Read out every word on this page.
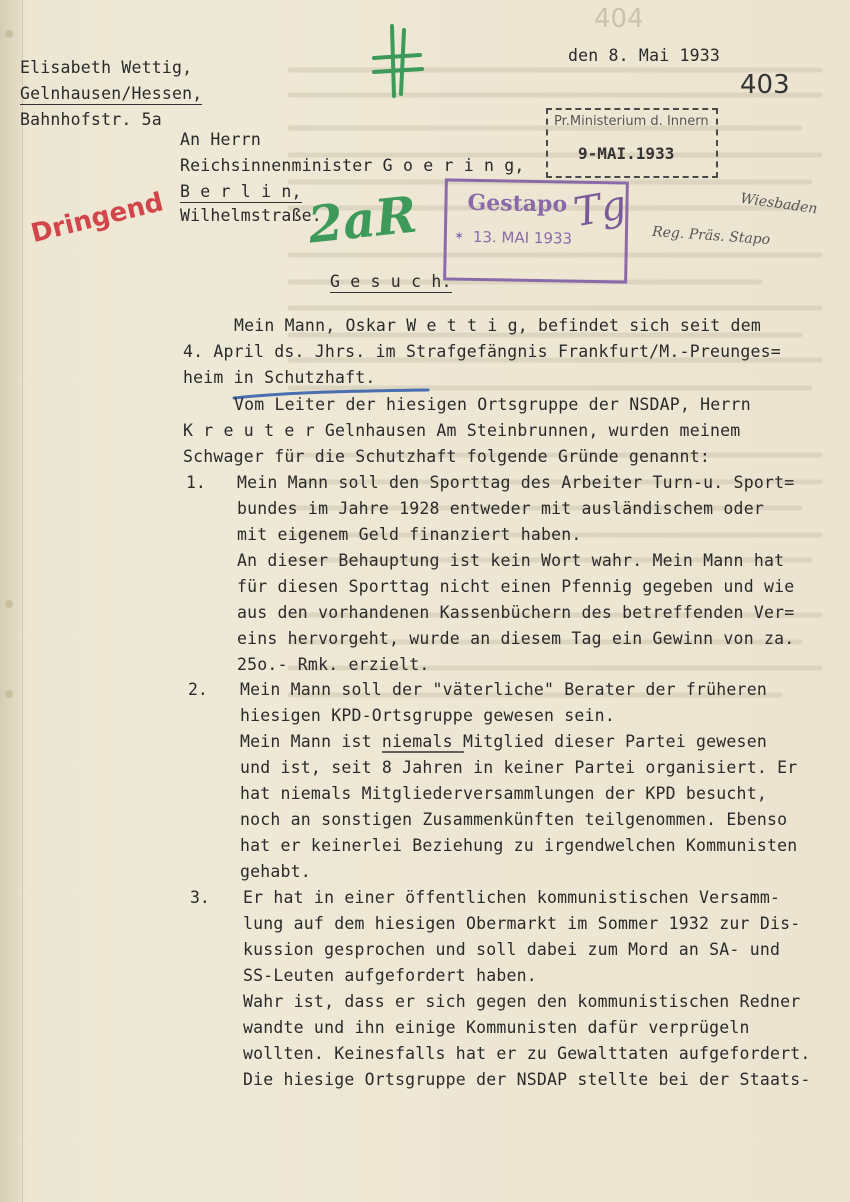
404
403
Elisabeth Wettig,
Gelnhausen/Hessen,
Bahnhofstr. 5a
den 8. Mai 1933
An Herrn
Reichsinnenminister G o e r i n g,
B e r l i n,
Wilhelmstraße.
Pr.Ministerium d. Innern
9-MAI.1933
Dringend	2aR Gestapo
13. MAI 1933
✶	Tg	Wiesbaden
Reg. Präs. Stapo
G e s u c h.
Mein Mann, Oskar W e t t i g, befindet sich seit dem
4. April ds. Jhrs. im Strafgefängnis Frankfurt/M.-Preunges=
heim in Schutzhaft.
Vom Leiter der hiesigen Ortsgruppe der NSDAP, Herrn
K r e u t e r Gelnhausen Am Steinbrunnen, wurden meinem
Schwager für die Schutzhaft folgende Gründe genannt:
1. Mein Mann soll den Sporttag des Arbeiter Turn-u. Sport=
bundes im Jahre 1928 entweder mit ausländischem oder
mit eigenem Geld finanziert haben.
An dieser Behauptung ist kein Wort wahr. Mein Mann hat
für diesen Sporttag nicht einen Pfennig gegeben und wie
aus den vorhandenen Kassenbüchern des betreffenden Ver=
eins hervorgeht, wurde an diesem Tag ein Gewinn von za.
25o.- Rmk. erzielt.
2. Mein Mann soll der "väterliche" Berater der früheren
hiesigen KPD-Ortsgruppe gewesen sein.
Mein Mann ist niemals Mitglied dieser Partei gewesen
und ist, seit 8 Jahren in keiner Partei organisiert. Er
hat niemals Mitgliederversammlungen der KPD besucht,
noch an sonstigen Zusammenkünften teilgenommen. Ebenso
hat er keinerlei Beziehung zu irgendwelchen Kommunisten
gehabt.
3. Er hat in einer öffentlichen kommunistischen Versamm-
lung auf dem hiesigen Obermarkt im Sommer 1932 zur Dis-
kussion gesprochen und soll dabei zum Mord an SA- und
SS-Leuten aufgefordert haben.
Wahr ist, dass er sich gegen den kommunistischen Redner
wandte und ihn einige Kommunisten dafür verprügeln
wollten. Keinesfalls hat er zu Gewalttaten aufgefordert.
Die hiesige Ortsgruppe der NSDAP stellte bei der Staats-
